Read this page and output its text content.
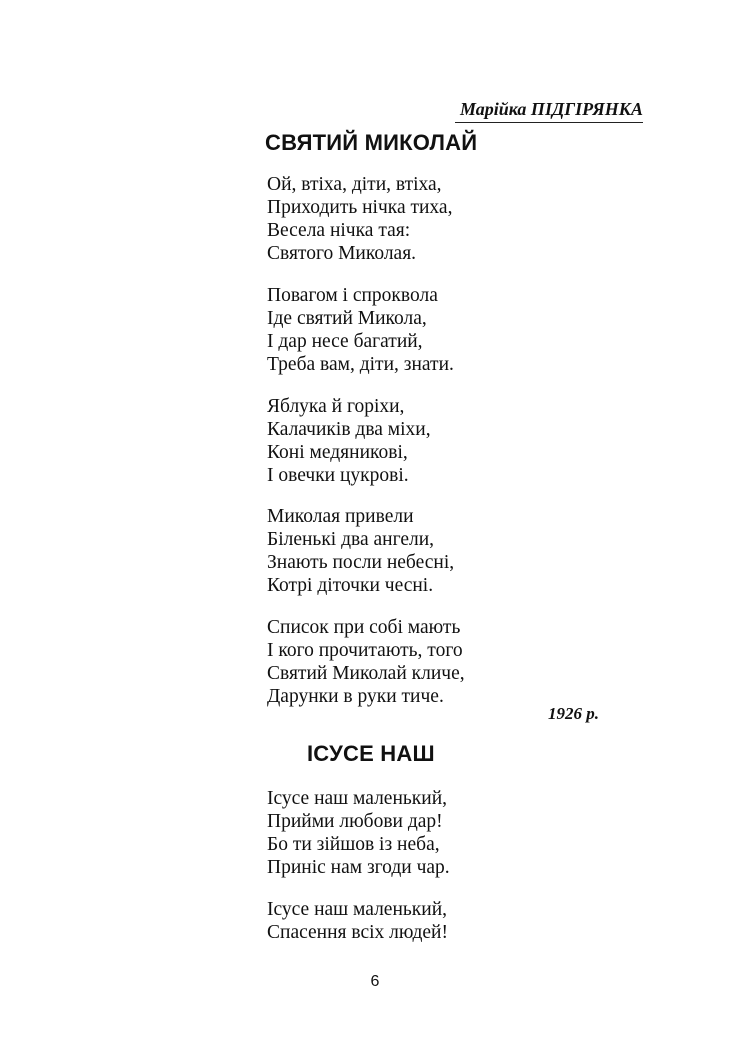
Марійка ПІДГІРЯНКА
СВЯТИЙ МИКОЛАЙ
Ой, втіха, діти, втіха,
Приходить нічка тиха,
Весела нічка тая:
Святого Миколая.
Повагом і спроквола
Іде святий Микола,
І дар несе багатий,
Треба вам, діти, знати.
Яблука й горіхи,
Калачиків два міхи,
Коні медяникові,
І овечки цукрові.
Миколая привели
Біленькі два ангели,
Знають посли небесні,
Котрі діточки чесні.
Список при собі мають
І кого прочитають, того
Святий Миколай кличе,
Дарунки в руки тиче.
1926 р.
ІСУСЕ НАШ
Ісусе наш маленький,
Прийми любови дар!
Бо ти зійшов із неба,
Приніс нам згоди чар.
Ісусе наш маленький,
Спасення всіх людей!
6
